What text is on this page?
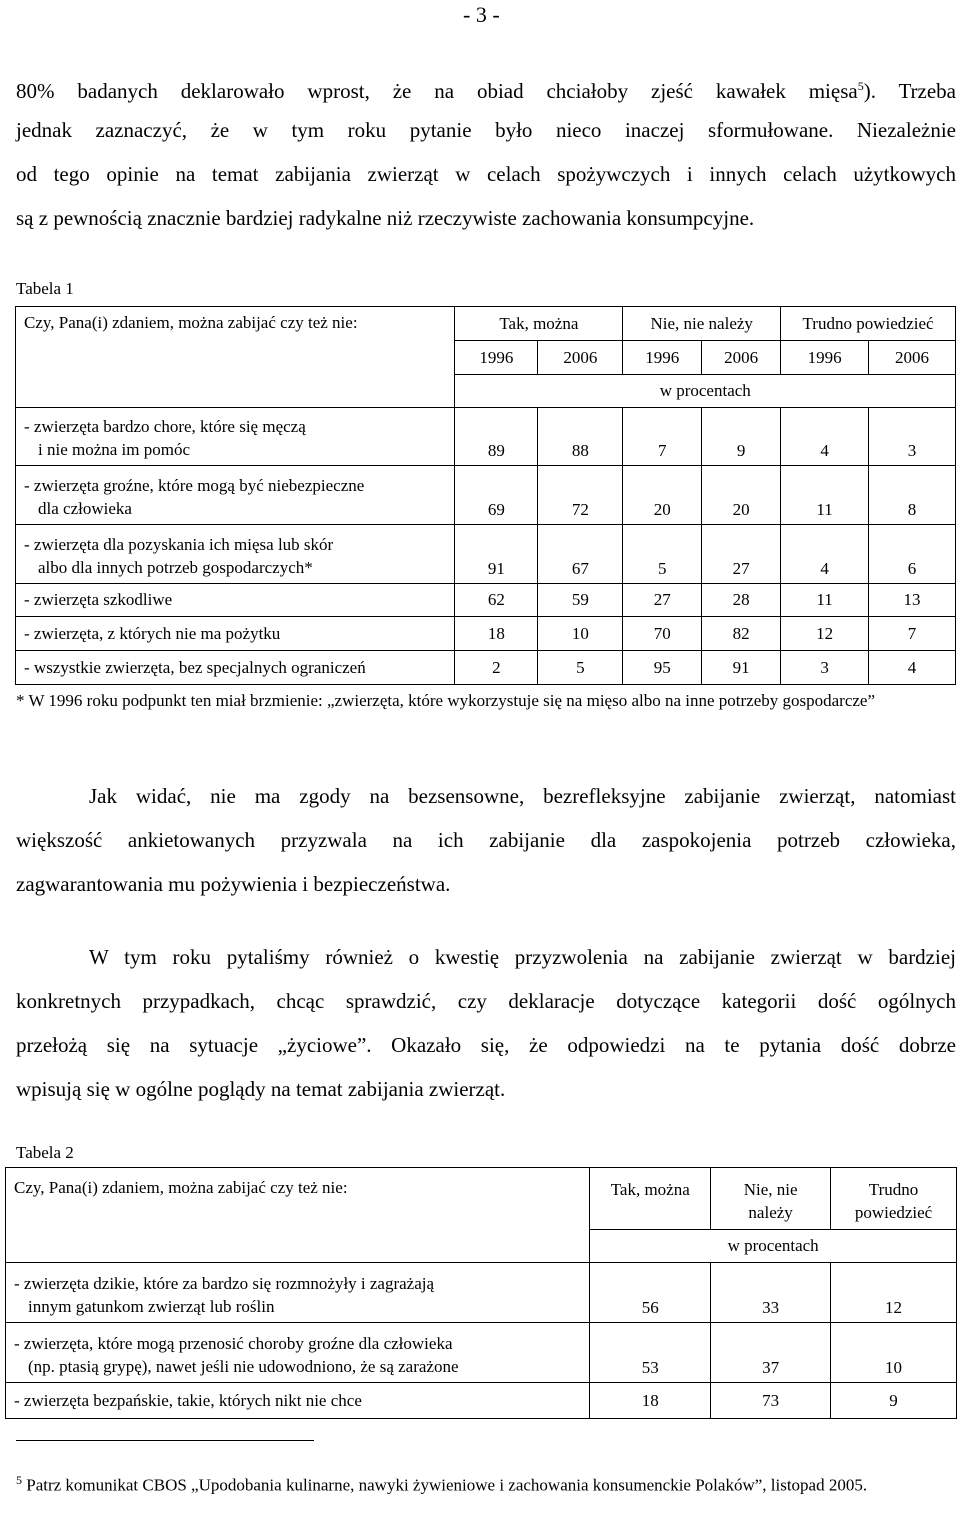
- 3 -
80% badanych deklarowało wprost, że na obiad chciałoby zjeść kawałek mięsa$^5$). Trzeba
jednak zaznaczyć, że w tym roku pytanie było nieco inaczej sformułowane. Niezależnie
od tego opinie na temat zabijania zwierząt w celach spożywczych i innych celach użytkowych
są z pewnością znacznie bardziej radykalne niż rzeczywiste zachowania konsumpcyjne.
Tabela 1
Czy, Pana(i) zdaniem, można zabijać czy też nie:	Tak, można		Nie, nie należy		Trudno powiedzieć	
	1996	2006	1996	2006	1996	2006
	w procentach					

- zwierzęta bardzo chore, które się męczą
i nie można im pomóc	89	88	7	9	4	3

- zwierzęta groźne, które mogą być niebezpieczne
dla człowieka	69	72	20	20	11	8

- zwierzęta dla pozyskania ich mięsa lub skór
albo dla innych potrzeb gospodarczych*	91	67	5	27	4	6
- zwierzęta szkodliwe	62	59	27	28	11	13
- zwierzęta, z których nie ma pożytku	18	10	70	82	12	7
- wszystkie zwierzęta, bez specjalnych ograniczeń	2	5	95	91	3	4

* W 1996 roku podpunkt ten miał brzmienie: „zwierzęta, które wykorzystuje się na mięso albo na inne potrzeby gospodarcze”

Jak widać, nie ma zgody na bezsensowne, bezrefleksyjne zabijanie zwierząt, natomiast
większość ankietowanych przyzwala na ich zabijanie dla zaspokojenia potrzeb człowieka,
zagwarantowania mu pożywienia i bezpieczeństwa.
W tym roku pytaliśmy również o kwestię przyzwolenia na zabijanie zwierząt w bardziej
konkretnych przypadkach, chcąc sprawdzić, czy deklaracje dotyczące kategorii dość ogólnych
przełożą się na sytuacje „życiowe”. Okazało się, że odpowiedzi na te pytania dość dobrze
wpisują się w ogólne poglądy na temat zabijania zwierząt.
Tabela 2
Czy, Pana(i) zdaniem, można zabijać czy też nie:	Tak, można	Nie, nie
należy	Trudno
powiedzieć

	w procentach		

- zwierzęta dzikie, które za bardzo się rozmnożyły i zagrażają
innym gatunkom zwierząt lub roślin	56	33	12

- zwierzęta, które mogą przenosić choroby groźne dla człowieka
(np. ptasią grypę), nawet jeśli nie udowodniono, że są zarażone	53	37	10
- zwierzęta bezpańskie, takie, których nikt nie chce	18	73	9

$^5$ Patrz komunikat CBOS „Upodobania kulinarne, nawyki żywieniowe i zachowania konsumenckie Polaków”, listopad 2005.
